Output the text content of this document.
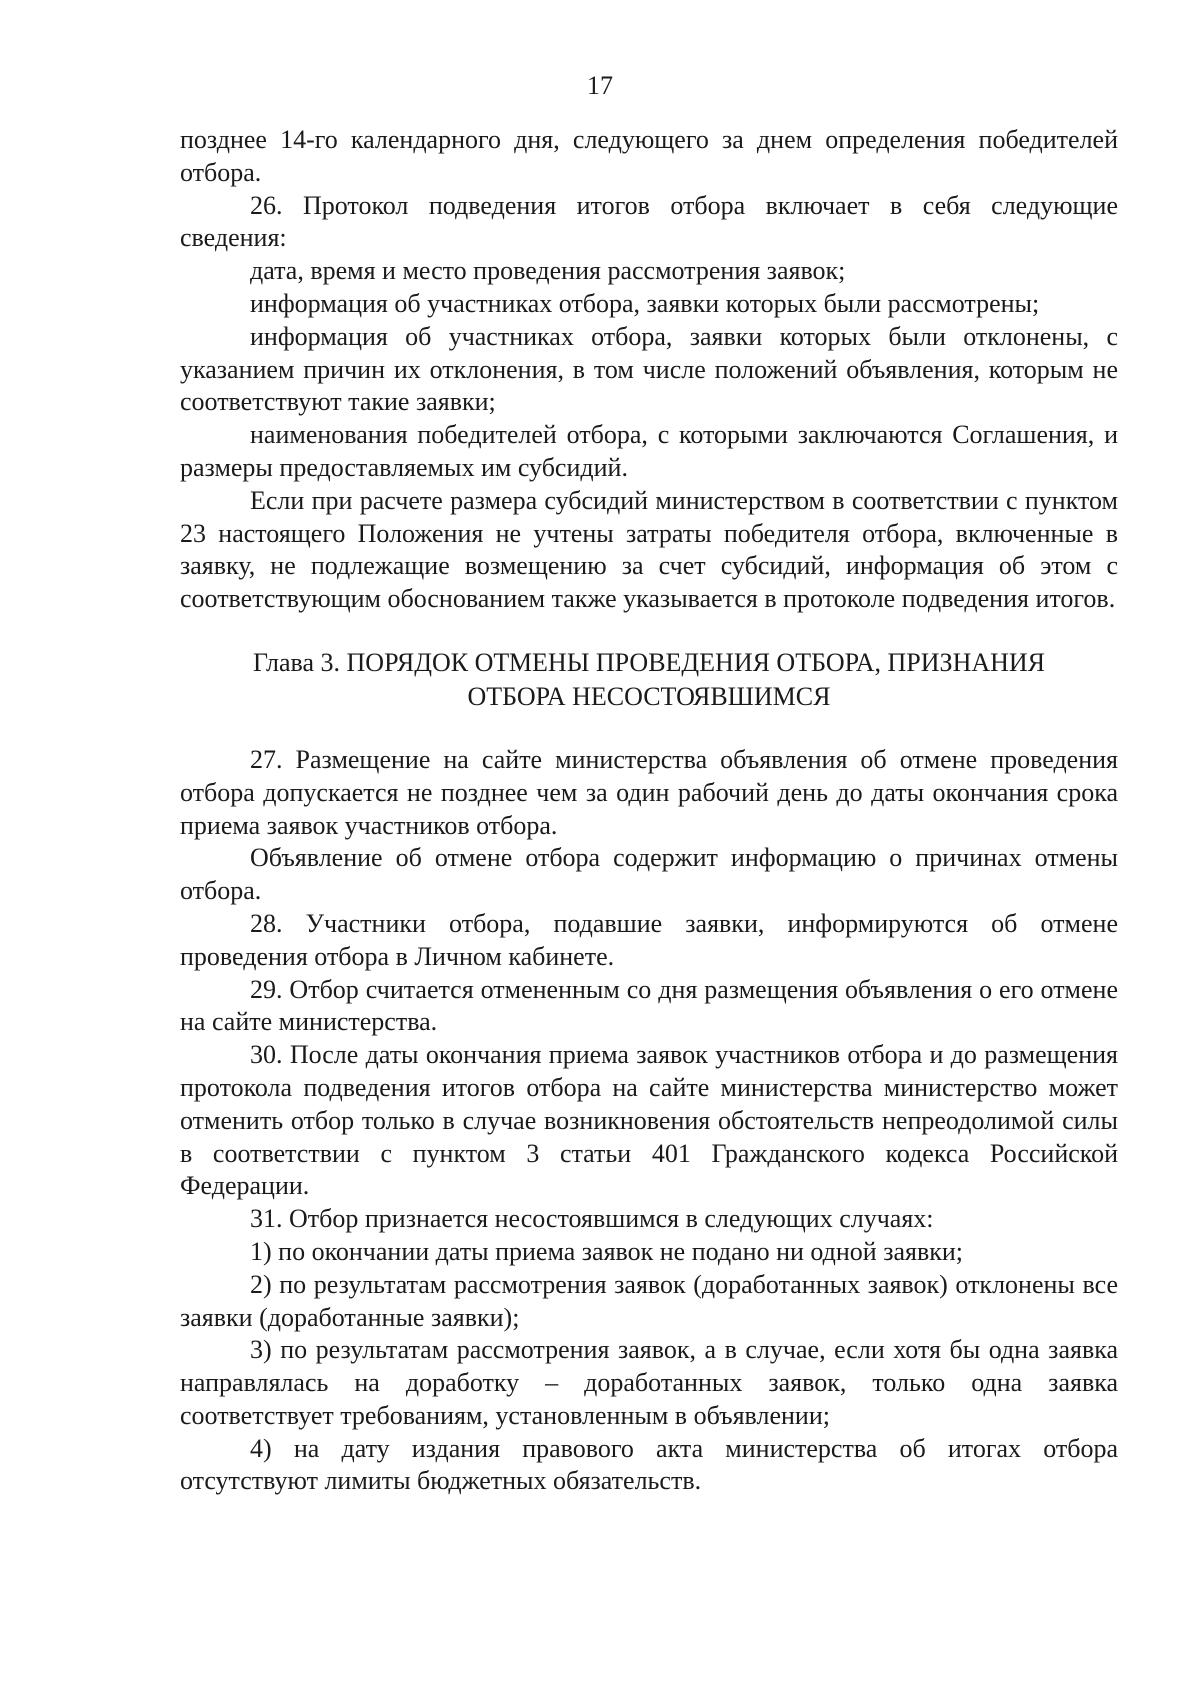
17

позднее 14-го календарного дня, следующего за днем определения победителей отбора.

26. Протокол подведения итогов отбора включает в себя следующие сведения:

дата, время и место проведения рассмотрения заявок;

информация об участниках отбора, заявки которых были рассмотрены;

информация об участниках отбора, заявки которых были отклонены, с указанием причин их отклонения, в том числе положений объявления, которым не соответствуют такие заявки;

наименования победителей отбора, с которыми заключаются Соглашения, и размеры предоставляемых им субсидий.

Если при расчете размера субсидий министерством в соответствии с пунктом 23 настоящего Положения не учтены затраты победителя отбора, включенные в заявку, не подлежащие возмещению за счет субсидий, информация об этом с соответствующим обоснованием также указывается в протоколе подведения итогов.

Глава 3. ПОРЯДОК ОТМЕНЫ ПРОВЕДЕНИЯ ОТБОРА, ПРИЗНАНИЯ
ОТБОРА НЕСОСТОЯВШИМСЯ

27. Размещение на сайте министерства объявления об отмене проведения отбора допускается не позднее чем за один рабочий день до даты окончания срока приема заявок участников отбора.

Объявление об отмене отбора содержит информацию о причинах отмены отбора.

28. Участники отбора, подавшие заявки, информируются об отмене проведения отбора в Личном кабинете.

29. Отбор считается отмененным со дня размещения объявления о его отмене на сайте министерства.

30. После даты окончания приема заявок участников отбора и до размещения протокола подведения итогов отбора на сайте министерства министерство может отменить отбор только в случае возникновения обстоятельств непреодолимой силы в соответствии с пунктом 3 статьи 401 Гражданского кодекса Российской Федерации.

31. Отбор признается несостоявшимся в следующих случаях:

1) по окончании даты приема заявок не подано ни одной заявки;

2) по результатам рассмотрения заявок (доработанных заявок) отклонены все заявки (доработанные заявки);

3) по результатам рассмотрения заявок, а в случае, если хотя бы одна заявка направлялась на доработку – доработанных заявок, только одна заявка соответствует требованиям, установленным в объявлении;

4) на дату издания правового акта министерства об итогах отбора отсутствуют лимиты бюджетных обязательств.
